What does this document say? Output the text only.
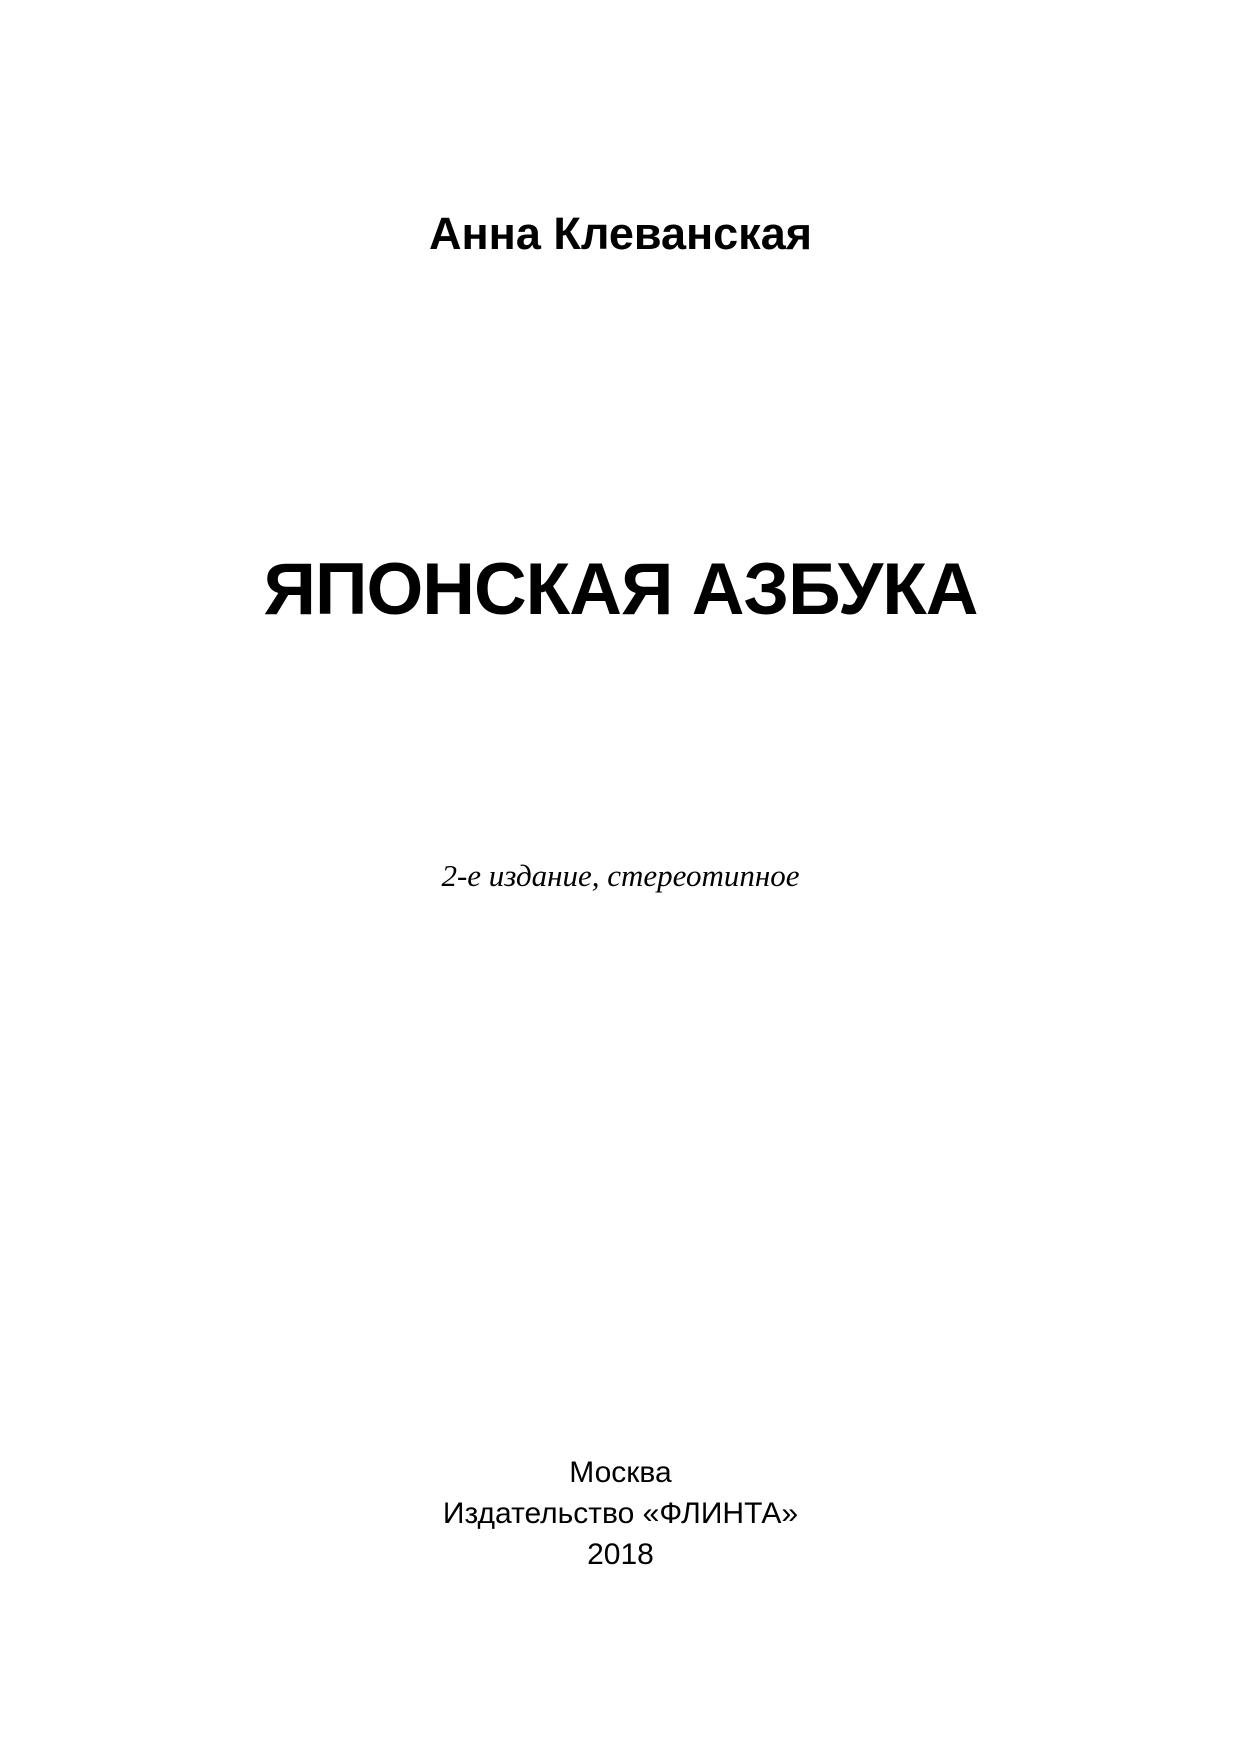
Анна Клеванская
ЯПОНСКАЯ АЗБУКА
2-е издание, стереотипное
Москва
Издательство «ФЛИНТА»
2018
